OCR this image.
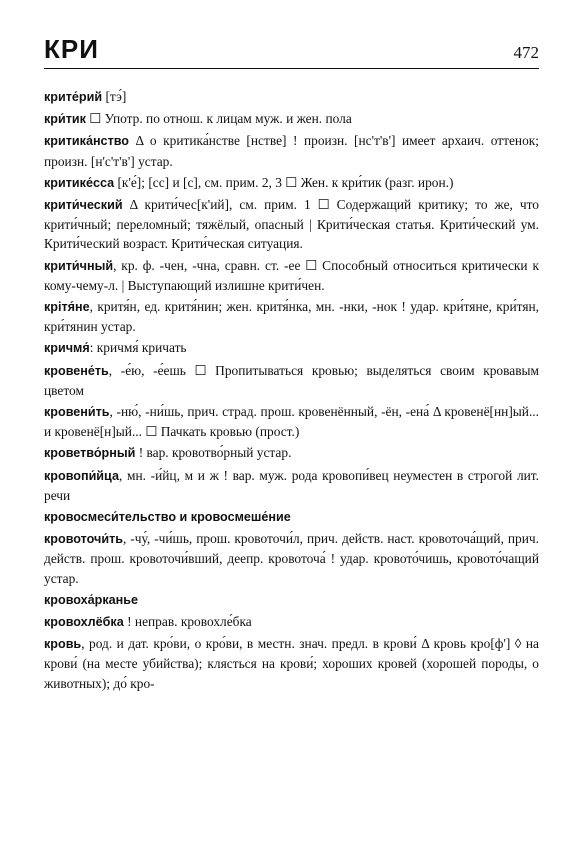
КРИ	472
крите́рий [тэ́]
кри́тик ☐ Употр. по отнош. к лицам муж. и жен. пола
критика́нство Δ о критика́нстве [нстве] ! произн. [нс'т'в'] имеет архаич. оттенок; произн. [н'с'т'в'] устар.
критике́сса [к'е́]; [сс] и [с], см. прим. 2, 3 ☐ Жен. к кри́тик (разг. ирон.)
крити́ческий Δ крити́чес[к'ий], см. прим. 1 ☐ Содержащий критику; то же, что крити́чный; переломный; тяжёлый, опасный | Крити́ческая статья. Крити́ческий ум. Крити́ческий возраст. Крити́ческая ситуация.
крити́чный, кр. ф. -чен, -чна, сравн. ст. -ее ☐ Способный относиться критически к кому-чему-л. | Выступающий излишне крити́чен.
крітя́не, критя́н, ед. критя́нин; жен. критя́нка, мн. -нки, -нок ! удар. кри́тяне, кри́тян, кри́тянин устар.
кричмя́: кричмя́ кричать
кровене́ть, -е́ю, -е́ешь ☐ Пропитываться кровью; выделяться своим кровавым цветом
кровени́ть, -ню́, -ни́шь, прич. страд. прош. кровенённый, -ён, -ена́ Δ кровенё[нн]ый... и кровенё[н]ый... ☐ Пачкать кровью (прост.)
кроветво́рный ! вар. кровотво́рный устар.
кровопи́йца, мн. -и́йц, м и ж ! вар. муж. рода кровопи́вец неуместен в строгой лит. речи
кровосмеси́тельство и кровосмеше́ние
кровоточи́ть, -чу́, -чи́шь, прош. кровоточи́л, прич. действ. наст. кровоточа́щий, прич. действ. прош. кровоточи́вший, деепр. кровоточа́ ! удар. кровото́чишь, кровото́чащий устар.
кровоха́рканье
кровохлёбка ! неправ. кровохле́бка
кровь, род. и дат. кро́ви, о кро́ви, в местн. знач. предл. в крови́ Δ кровь кро[ф'] ◊ на крови́ (на месте убийства); клясться на крови́; хороших кровей (хорошей породы, о животных); до́ кро-
